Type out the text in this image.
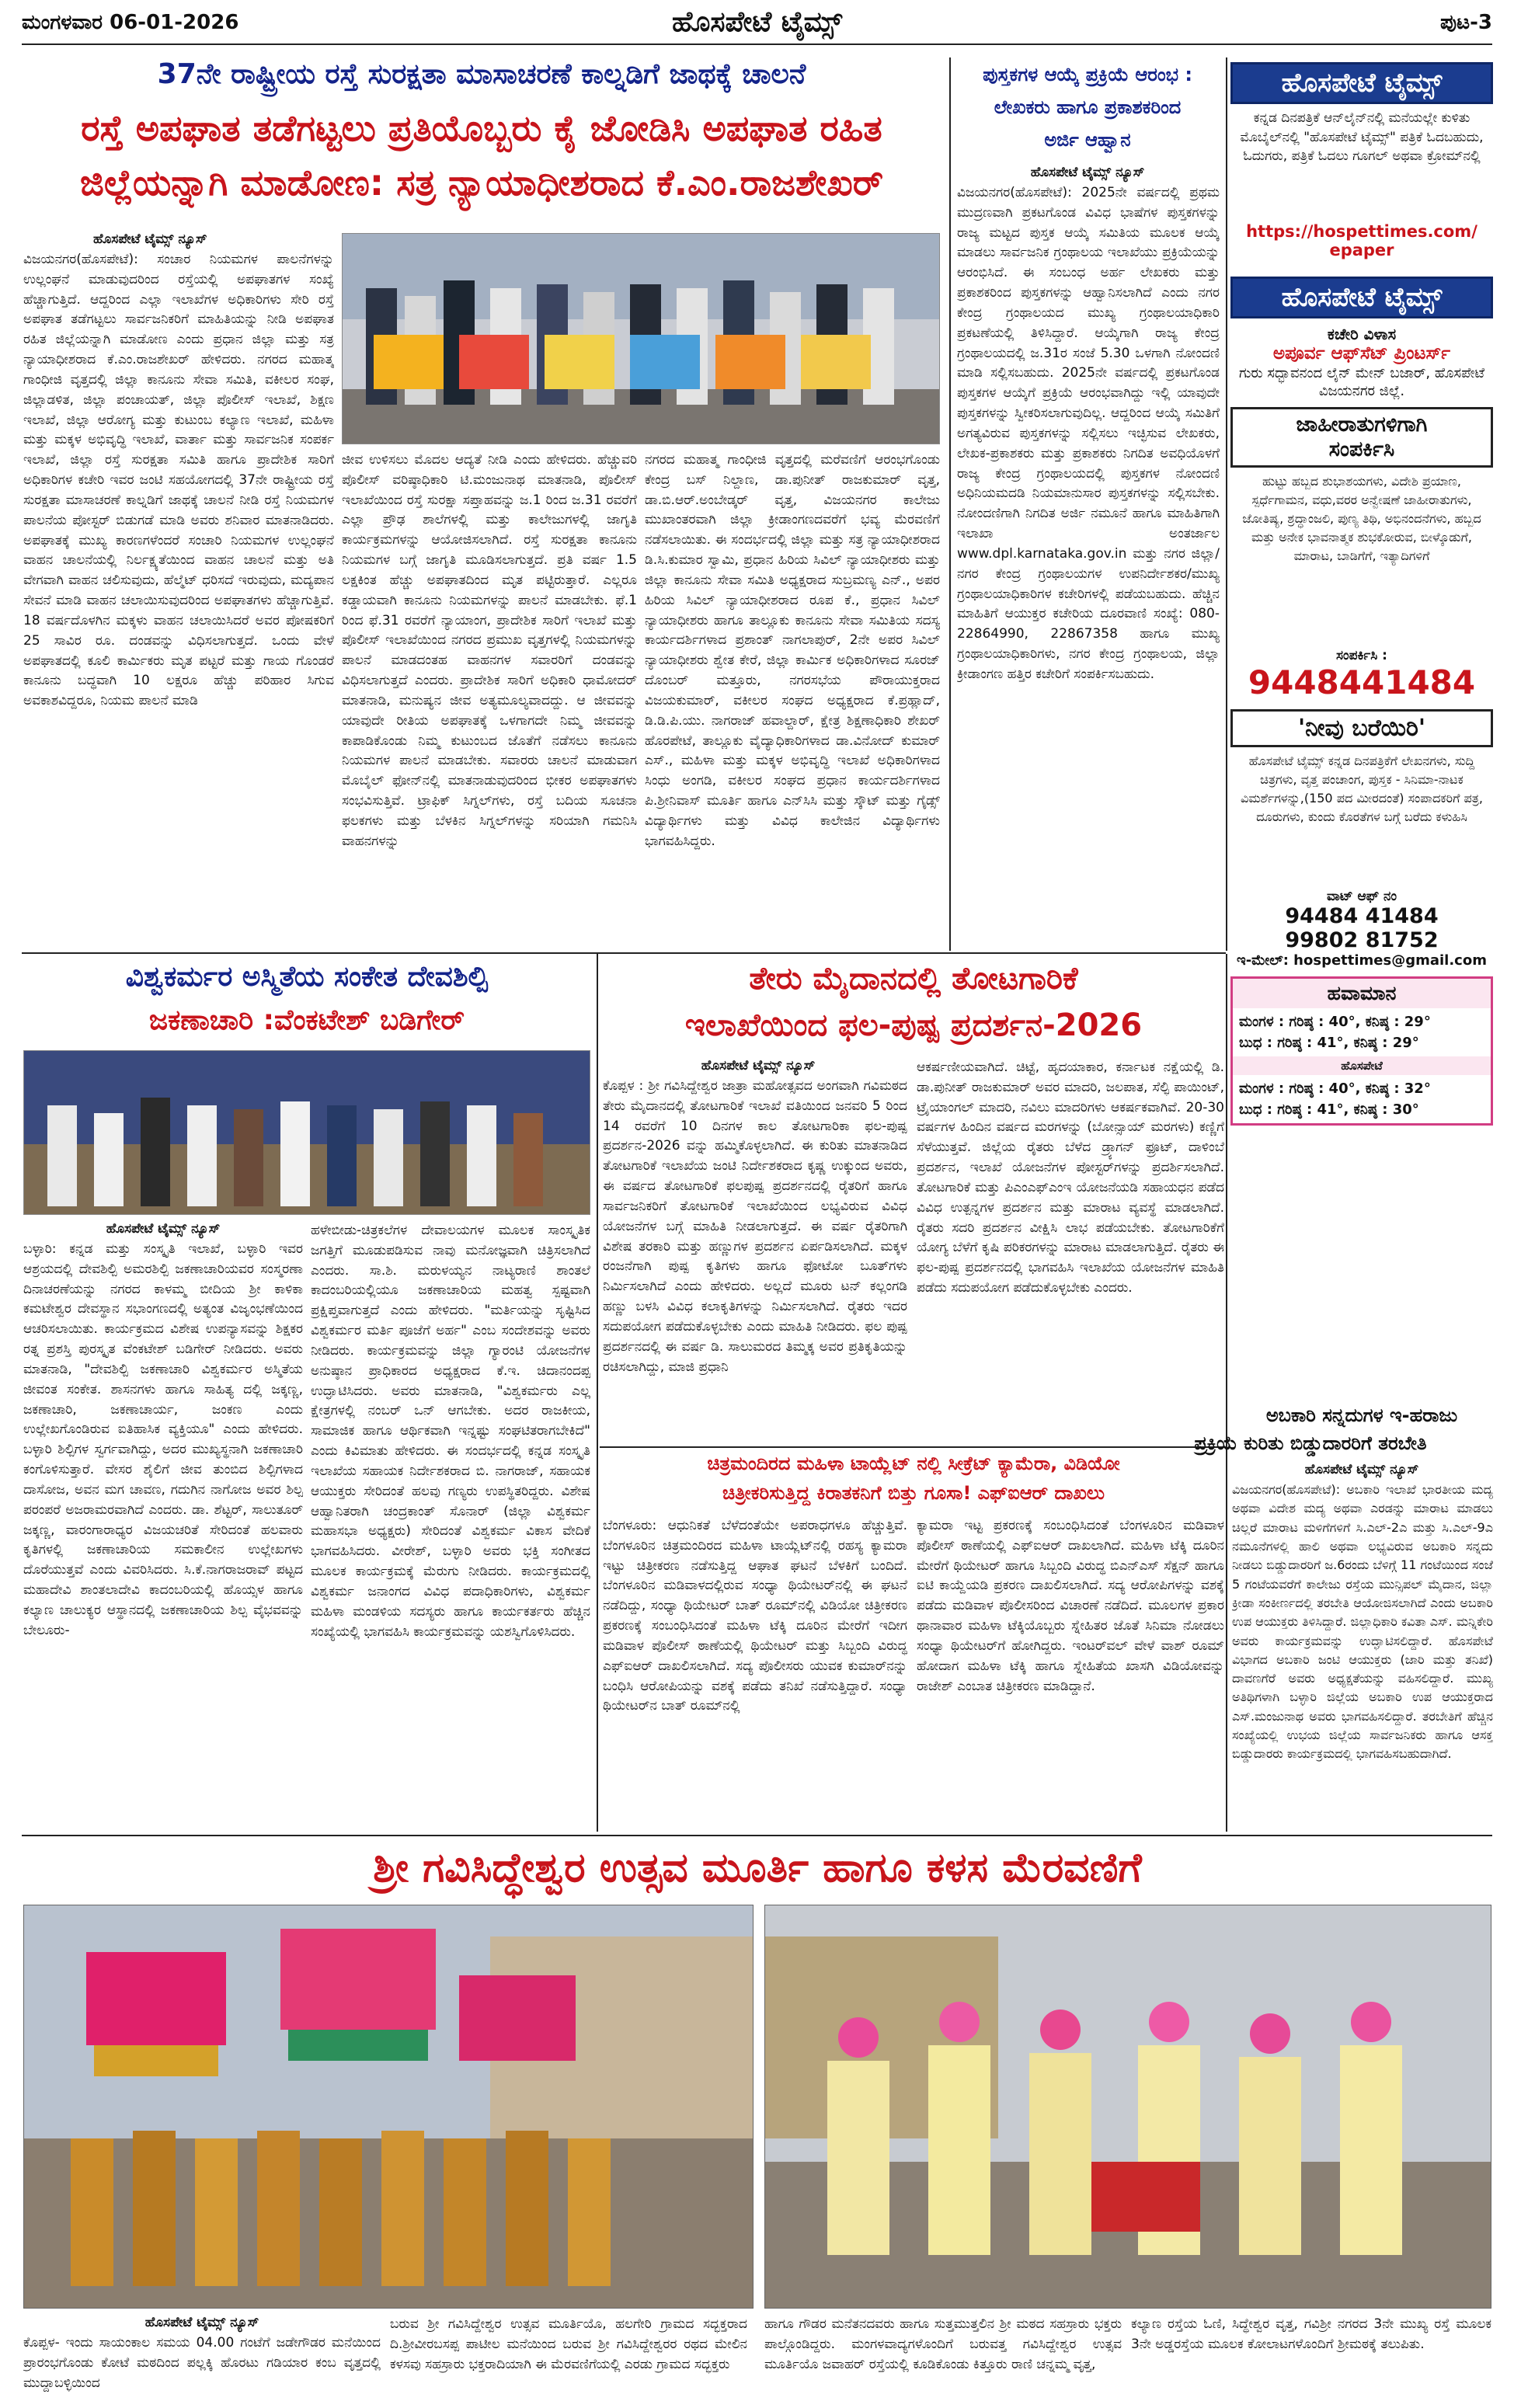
ಮಂಗಳವಾರ 06-01-2026	ಹೊಸಪೇಟೆ ಟೈಮ್ಸ್	ಪುಟ-3
37ನೇ ರಾಷ್ಟ್ರೀಯ ರಸ್ತೆ ಸುರಕ್ಷತಾ ಮಾಸಾಚರಣೆ ಕಾಲ್ನಡಿಗೆ ಜಾಥಕ್ಕೆ ಚಾಲನೆ
ರಸ್ತೆ ಅಪಘಾತ ತಡೆಗಟ್ಟಲು ಪ್ರತಿಯೊಬ್ಬರು ಕೈ ಜೋಡಿಸಿ ಅಪಘಾತ ರಹಿತ
ಜಿಲ್ಲೆಯನ್ನಾಗಿ ಮಾಡೋಣ: ಸತ್ರ ನ್ಯಾಯಾಧೀಶರಾದ ಕೆ.ಎಂ.ರಾಜಶೇಖರ್
ಹೊಸಪೇಟೆ ಟೈಮ್ಸ್ ನ್ಯೂಸ್
ವಿಜಯನಗರ(ಹೊಸಪೇಟೆ): ಸಂಚಾರ ನಿಯಮಗಳ ಪಾಲನೆಗಳನ್ನು ಉಲ್ಲಂಘನೆ ಮಾಡುವುದರಿಂದ ರಸ್ತೆಯಲ್ಲಿ ಅಪಘಾತಗಳ ಸಂಖ್ಯೆ ಹೆಚ್ಚಾಗುತ್ತಿದೆ. ಆದ್ದರಿಂದ ಎಲ್ಲಾ ಇಲಾಖೆಗಳ ಅಧಿಕಾರಿಗಳು ಸೇರಿ ರಸ್ತೆ ಅಪಘಾತ ತಡೆಗಟ್ಟಲು ಸಾರ್ವಜನಿಕರಿಗೆ ಮಾಹಿತಿಯನ್ನು ನೀಡಿ ಅಪಘಾತ ರಹಿತ ಜಿಲ್ಲೆಯನ್ನಾಗಿ ಮಾಡೋಣ ಎಂದು ಪ್ರಧಾನ ಜಿಲ್ಲಾ ಮತ್ತು ಸತ್ರ ನ್ಯಾಯಾಧೀಶರಾದ ಕೆ.ಎಂ.ರಾಜಶೇಖರ್ ಹೇಳಿದರು. ನಗರದ ಮಹಾತ್ಮ ಗಾಂಧೀಜಿ ವೃತ್ತದಲ್ಲಿ ಜಿಲ್ಲಾ ಕಾನೂನು ಸೇವಾ ಸಮಿತಿ, ವಕೀಲರ ಸಂಘ, ಜಿಲ್ಲಾಡಳಿತ, ಜಿಲ್ಲಾ ಪಂಚಾಯತ್, ಜಿಲ್ಲಾ ಪೊಲೀಸ್ ಇಲಾಖೆ, ಶಿಕ್ಷಣ ಇಲಾಖೆ, ಜಿಲ್ಲಾ ಆರೋಗ್ಯ ಮತ್ತು ಕುಟುಂಬ ಕಲ್ಯಾಣ ಇಲಾಖೆ, ಮಹಿಳಾ ಮತ್ತು ಮಕ್ಕಳ ಅಭಿವೃದ್ಧಿ ಇಲಾಖೆ, ವಾರ್ತಾ ಮತ್ತು ಸಾರ್ವಜನಿಕ ಸಂಪರ್ಕ ಇಲಾಖೆ, ಜಿಲ್ಲಾ ರಸ್ತೆ ಸುರಕ್ಷತಾ ಸಮಿತಿ ಹಾಗೂ ಪ್ರಾದೇಶಿಕ ಸಾರಿಗೆ ಅಧಿಕಾರಿಗಳ ಕಚೇರಿ ಇವರ ಜಂಟಿ ಸಹಯೋಗದಲ್ಲಿ 37ನೇ ರಾಷ್ಟ್ರೀಯ ರಸ್ತೆ ಸುರಕ್ಷತಾ ಮಾಸಾಚರಣೆ ಕಾಲ್ನಡಿಗೆ ಜಾಥಕ್ಕೆ ಚಾಲನೆ ನೀಡಿ ರಸ್ತೆ ನಿಯಮಗಳ ಪಾಲನೆಯ ಪೋಸ್ಟರ್ ಬಿಡುಗಡೆ ಮಾಡಿ ಅವರು ಶನಿವಾರ ಮಾತನಾಡಿದರು. ಅಪಘಾತಕ್ಕೆ ಮುಖ್ಯ ಕಾರಣಗಳೆಂದರೆ ಸಂಚಾರಿ ನಿಯಮಗಳ ಉಲ್ಲಂಘನೆ ವಾಹನ ಚಾಲನೆಯಲ್ಲಿ ನಿರ್ಲಕ್ಷ್ಯತೆಯಿಂದ ವಾಹನ ಚಾಲನೆ ಮತ್ತು ಅತಿ ವೇಗವಾಗಿ ವಾಹನ ಚಲಿಸುವುದು, ಹೆಲ್ಮೆಟ್ ಧರಿಸದೆ ಇರುವುದು, ಮದ್ಯಪಾನ ಸೇವನೆ ಮಾಡಿ ವಾಹನ ಚಲಾಯಿಸುವುದರಿಂದ ಅಪಘಾತಗಳು ಹೆಚ್ಚಾಗುತ್ತಿವೆ. 18 ವರ್ಷದೊಳಗಿನ ಮಕ್ಕಳು ವಾಹನ ಚಲಾಯಿಸಿದರೆ ಅವರ ಪೋಷಕರಿಗೆ 25 ಸಾವಿರ ರೂ. ದಂಡವನ್ನು ವಿಧಿಸಲಾಗುತ್ತದೆ. ಒಂದು ವೇಳೆ ಅಪಘಾತದಲ್ಲಿ ಕೂಲಿ ಕಾರ್ಮಿಕರು ಮೃತ ಪಟ್ಟರೆ ಮತ್ತು ಗಾಯ ಗೊಂಡರೆ ಕಾನೂನು ಬದ್ಧವಾಗಿ 10 ಲಕ್ಷರೂ ಹೆಚ್ಚು ಪರಿಹಾರ ಸಿಗುವ ಅವಕಾಶವಿದ್ದರೂ, ನಿಯಮ ಪಾಲನೆ ಮಾಡಿ
ಜೀವ ಉಳಿಸಲು ಮೊದಲ ಆದ್ಯತೆ ನೀಡಿ ಎಂದು ಹೇಳಿದರು. ಹೆಚ್ಚುವರಿ ಪೊಲೀಸ್ ವರಿಷ್ಠಾಧಿಕಾರಿ ಟಿ.ಮಂಜುನಾಥ ಮಾತನಾಡಿ, ಪೊಲೀಸ್ ಇಲಾಖೆಯಿಂದ ರಸ್ತೆ ಸುರಕ್ಷಾ ಸಪ್ತಾಹವನ್ನು ಜ.1 ರಿಂದ ಜ.31 ರವರೆಗೆ ಎಲ್ಲಾ ಪ್ರೌಢ ಶಾಲೆಗಳಲ್ಲಿ ಮತ್ತು ಕಾಲೇಜುಗಳಲ್ಲಿ ಜಾಗೃತಿ ಕಾರ್ಯಕ್ರಮಗಳನ್ನು ಆಯೋಜಿಸಲಾಗಿದೆ. ರಸ್ತೆ ಸುರಕ್ಷತಾ ಕಾನೂನು ನಿಯಮಗಳ ಬಗ್ಗೆ ಜಾಗೃತಿ ಮೂಡಿಸಲಾಗುತ್ತದೆ. ಪ್ರತಿ ವರ್ಷ 1.5 ಲಕ್ಷಕಿಂತ ಹೆಚ್ಚು ಅಪಘಾತದಿಂದ ಮೃತ ಪಟ್ಟಿರುತ್ತಾರೆ. ಎಲ್ಲರೂ ಕಡ್ಡಾಯವಾಗಿ ಕಾನೂನು ನಿಯಮಗಳನ್ನು ಪಾಲನೆ ಮಾಡಬೇಕು. ಫೆ.1 ರಿಂದ ಫೆ.31 ರವರೆಗೆ ನ್ಯಾಯಾಂಗ, ಪ್ರಾದೇಶಿಕ ಸಾರಿಗೆ ಇಲಾಖೆ ಮತ್ತು ಪೊಲೀಸ್ ಇಲಾಖೆಯಿಂದ ನಗರದ ಪ್ರಮುಖ ವೃತ್ತಗಳಲ್ಲಿ ನಿಯಮಗಳನ್ನು ಪಾಲನೆ ಮಾಡದಂತಹ ವಾಹನಗಳ ಸವಾರರಿಗೆ ದಂಡವನ್ನು ವಿಧಿಸಲಾಗುತ್ತದೆ ಎಂದರು. ಪ್ರಾದೇಶಿಕ ಸಾರಿಗೆ ಅಧಿಕಾರಿ ಧಾಮೋದರ್ ಮಾತನಾಡಿ, ಮನುಷ್ಯನ ಜೀವ ಅತ್ಯಮೂಲ್ಯವಾದದ್ದು. ಆ ಜೀವವನ್ನು ಯಾವುದೇ ರೀತಿಯ ಅಪಘಾತಕ್ಕೆ ಒಳಗಾಗದೇ ನಿಮ್ಮ ಜೀವವನ್ನು ಕಾಪಾಡಿಕೊಂಡು ನಿಮ್ಮ ಕುಟುಂಬದ ಜೊತೆಗೆ ನಡೆಸಲು ಕಾನೂನು ನಿಯಮಗಳ ಪಾಲನೆ ಮಾಡಬೇಕು. ಸವಾರರು ಚಾಲನೆ ಮಾಡುವಾಗ ಮೊಬೈಲ್ ಫೋನ್‌ನಲ್ಲಿ ಮಾತನಾಡುವುದರಿಂದ ಭೀಕರ ಅಪಘಾತಗಳು ಸಂಭವಿಸುತ್ತಿವೆ. ಟ್ರಾಫಿಕ್ ಸಿಗ್ನಲ್‌ಗಳು, ರಸ್ತೆ ಬದಿಯ ಸೂಚನಾ ಫಲಕಗಳು ಮತ್ತು ಬೆಳಕಿನ ಸಿಗ್ನಲ್‌ಗಳನ್ನು ಸರಿಯಾಗಿ ಗಮನಿಸಿ ವಾಹನಗಳನ್ನು
ನಗರದ ಮಹಾತ್ಮ ಗಾಂಧೀಜಿ ವೃತ್ತದಲ್ಲಿ ಮರೆವಣಿಗೆ ಆರಂಭಗೊಂಡು ಕೇಂದ್ರ ಬಸ್ ನಿಲ್ದಾಣ, ಡಾ.ಪುನೀತ್ ರಾಜಕುಮಾರ್ ವೃತ್ತ, ಡಾ.ಬಿ.ಆರ್.ಅಂಬೇಡ್ಕರ್ ವೃತ್ತ, ವಿಜಯನಗರ ಕಾಲೇಜು ಮುಖಾಂತರವಾಗಿ ಜಿಲ್ಲಾ ಕ್ರೀಡಾಂಗಣದವರೆಗೆ ಭವ್ಯ ಮೆರವಣಿಗೆ ನಡೆಸಲಾಯಿತು. ಈ ಸಂದರ್ಭದಲ್ಲಿ ಜಿಲ್ಲಾ ಮತ್ತು ಸತ್ರ ನ್ಯಾಯಾಧೀಶರಾದ ಡಿ.ಸಿ.ಕುಮಾರ ಸ್ವಾಮಿ, ಪ್ರಧಾನ ಹಿರಿಯ ಸಿವಿಲ್ ನ್ಯಾಯಾಧೀಶರು ಮತ್ತು ಜಿಲ್ಲಾ ಕಾನೂನು ಸೇವಾ ಸಮಿತಿ ಅಧ್ಯಕ್ಷರಾದ ಸುಬ್ರಮಣ್ಯ ಎನ್., ಅಪರ ಹಿರಿಯ ಸಿವಿಲ್ ನ್ಯಾಯಾಧೀಶರಾದ ರೂಪ ಕೆ., ಪ್ರಧಾನ ಸಿವಿಲ್ ನ್ಯಾಯಾಧೀಶರು ಹಾಗೂ ತಾಲ್ಲೂಕು ಕಾನೂನು ಸೇವಾ ಸಮಿತಿಯ ಸದಸ್ಯ ಕಾರ್ಯದರ್ಶಿಗಳಾದ ಪ್ರಶಾಂತ್ ನಾಗಲಾಪುರ್, 2ನೇ ಅಪರ ಸಿವಿಲ್ ನ್ಯಾಯಾಧೀಶರು ಶ್ವೇತ ಕೇರೆ, ಜಿಲ್ಲಾ ಕಾರ್ಮಿಕ ಅಧಿಕಾರಿಗಳಾದ ಸೂರಜ್ ದೊಂಬರ್ ಮತ್ತೂರು, ನಗರಸಭೆಯ ಪೌರಾಯುಕ್ತರಾದ ವಿಜಯಕುಮಾರ್, ವಕೀಲರ ಸಂಘದ ಅಧ್ಯಕ್ಷರಾದ ಕೆ.ಪ್ರಹ್ಲಾದ್, ಡಿ.ಡಿ.ಪಿ.ಯು. ನಾಗರಾಜ್ ಹವಾಲ್ದಾರ್, ಕ್ಷೇತ್ರ ಶಿಕ್ಷಣಾಧಿಕಾರಿ ಶೇಖರ್ ಹೊರಪೇಟೆ, ತಾಲ್ಲೂಕು ವೈದ್ಯಾಧಿಕಾರಿಗಳಾದ ಡಾ.ವಿನೋದ್ ಕುಮಾರ್ ಎಸ್., ಮಹಿಳಾ ಮತ್ತು ಮಕ್ಕಳ ಅಭಿವೃದ್ಧಿ ಇಲಾಖೆ ಅಧಿಕಾರಿಗಳಾದ ಸಿಂಧು ಅಂಗಡಿ, ವಕೀಲರ ಸಂಘದ ಪ್ರಧಾನ ಕಾರ್ಯದರ್ಶಿಗಳಾದ ಪಿ.ಶ್ರೀನಿವಾಸ್ ಮೂರ್ತಿ ಹಾಗೂ ಎನ್‌ಸಿಸಿ ಮತ್ತು ಸ್ಕೌಟ್ ಮತ್ತು ಗೈಡ್ಸ್ ವಿದ್ಯಾರ್ಥಿಗಳು ಮತ್ತು ವಿವಿಧ ಕಾಲೇಜಿನ ವಿದ್ಯಾರ್ಥಿಗಳು ಭಾಗವಹಿಸಿದ್ದರು.
ಪುಸ್ತಕಗಳ ಆಯ್ಕೆ ಪ್ರಕ್ರಿಯೆ ಆರಂಭ :
ಲೇಖಕರು ಹಾಗೂ ಪ್ರಕಾಶಕರಿಂದ
ಅರ್ಜಿ ಆಹ್ವಾನ
ಹೊಸಪೇಟೆ ಟೈಮ್ಸ್ ನ್ಯೂಸ್
ವಿಜಯನಗರ(ಹೊಸಪೇಟೆ): 2025ನೇ ವರ್ಷದಲ್ಲಿ ಪ್ರಥಮ ಮುದ್ರಣವಾಗಿ ಪ್ರಕಟಗೊಂಡ ವಿವಿಧ ಭಾಷೆಗಳ ಪುಸ್ತಕಗಳನ್ನು ರಾಜ್ಯ ಮಟ್ಟದ ಪುಸ್ತಕ ಆಯ್ಕೆ ಸಮಿತಿಯ ಮೂಲಕ ಆಯ್ಕೆ ಮಾಡಲು ಸಾರ್ವಜನಿಕ ಗ್ರಂಥಾಲಯ ಇಲಾಖೆಯು ಪ್ರಕ್ರಿಯೆಯನ್ನು ಆರಂಭಿಸಿದೆ. ಈ ಸಂಬಂಧ ಅರ್ಹ ಲೇಖಕರು ಮತ್ತು ಪ್ರಕಾಶಕರಿಂದ ಪುಸ್ತಕಗಳನ್ನು ಆಹ್ವಾನಿಸಲಾಗಿದೆ ಎಂದು ನಗರ ಕೇಂದ್ರ ಗ್ರಂಥಾಲಯದ ಮುಖ್ಯ ಗ್ರಂಥಾಲಯಾಧಿಕಾರಿ ಪ್ರಕಟಣೆಯಲ್ಲಿ ತಿಳಿಸಿದ್ದಾರೆ. ಆಯ್ಕೆಗಾಗಿ ರಾಜ್ಯ ಕೇಂದ್ರ ಗ್ರಂಥಾಲಯದಲ್ಲಿ ಜ.31ರ ಸಂಜೆ 5.30 ಒಳಗಾಗಿ ನೋಂದಣಿ ಮಾಡಿ ಸಲ್ಲಿಸಬಹುದು. 2025ನೇ ವರ್ಷದಲ್ಲಿ ಪ್ರಕಟಗೊಂಡ ಪುಸ್ತಕಗಳ ಆಯ್ಕೆಗೆ ಪ್ರಕ್ರಿಯೆ ಆರಂಭವಾಗಿದ್ದು ಇಲ್ಲಿ ಯಾವುದೇ ಪುಸ್ತಕಗಳನ್ನು ಸ್ವೀಕರಿಸಲಾಗುವುದಿಲ್ಲ. ಆದ್ದರಿಂದ ಆಯ್ಕೆ ಸಮಿತಿಗೆ ಅಗತ್ಯವಿರುವ ಪುಸ್ತಕಗಳನ್ನು ಸಲ್ಲಿಸಲು ಇಚ್ಛಿಸುವ ಲೇಖಕರು, ಲೇಖಕ-ಪ್ರಕಾಶಕರು ಮತ್ತು ಪ್ರಕಾಶಕರು ನಿಗದಿತ ಅವಧಿಯೊಳಗೆ ರಾಜ್ಯ ಕೇಂದ್ರ ಗ್ರಂಥಾಲಯದಲ್ಲಿ ಪುಸ್ತಕಗಳ ನೋಂದಣಿ ಅಧಿನಿಯಮದಡಿ ನಿಯಮಾನುಸಾರ ಪುಸ್ತಕಗಳನ್ನು ಸಲ್ಲಿಸಬೇಕು. ನೋಂದಣಿಗಾಗಿ ನಿಗದಿತ ಅರ್ಜಿ ನಮೂನೆ ಹಾಗೂ ಮಾಹಿತಿಗಾಗಿ ಇಲಾಖಾ ಅಂತರ್ಜಾಲ www.dpl.karnataka.gov.in ಮತ್ತು ನಗರ ಜಿಲ್ಲಾ/ನಗರ ಕೇಂದ್ರ ಗ್ರಂಥಾಲಯಗಳ ಉಪನಿರ್ದೇಶಕರ/ಮುಖ್ಯ ಗ್ರಂಥಾಲಯಾಧಿಕಾರಿಗಳ ಕಚೇರಿಗಳಲ್ಲಿ ಪಡೆಯಬಹುದು. ಹೆಚ್ಚಿನ ಮಾಹಿತಿಗೆ ಆಯುಕ್ತರ ಕಚೇರಿಯ ದೂರವಾಣಿ ಸಂಖ್ಯೆ: 080-22864990, 22867358 ಹಾಗೂ ಮುಖ್ಯ ಗ್ರಂಥಾಲಯಾಧಿಕಾರಿಗಳು, ನಗರ ಕೇಂದ್ರ ಗ್ರಂಥಾಲಯ, ಜಿಲ್ಲಾ ಕ್ರೀಡಾಂಗಣ ಹತ್ತಿರ ಕಚೇರಿಗೆ ಸಂಪರ್ಕಿಸಬಹುದು.
ಹೊಸಪೇಟೆ ಟೈಮ್ಸ್
ಕನ್ನಡ ದಿನಪತ್ರಿಕೆ ಆನ್‌ಲೈನ್‌ನಲ್ಲಿ ಮನೆಯಲ್ಲೇ ಕುಳಿತು ಮೊಬೈಲ್‌ನಲ್ಲಿ "ಹೊಸಪೇಟೆ ಟೈಮ್ಸ್" ಪತ್ರಿಕೆ ಓದಬಹುದು, ಓದುಗರು, ಪತ್ರಿಕೆ ಓದಲು ಗೂಗಲ್ ಅಥವಾ ಕ್ರೋಮ್‌ನಲ್ಲಿ
https://hospettimes.com/ epaper
ಹೊಸಪೇಟೆ ಟೈಮ್ಸ್
ಕಚೇರಿ ವಿಳಾಸ
ಅಪೂರ್ವ ಆಫ್‌ಸೆಟ್ ಪ್ರಿಂಟರ್ಸ್
ಗುರು ಸದ್ಭಾವನಂದ ಲೈನ್ ಮೇನ್ ಬಜಾರ್, ಹೊಸಪೇಟೆ
ವಿಜಯನಗರ ಜಿಲ್ಲೆ.
ಜಾಹೀರಾತುಗಳಿಗಾಗಿ
ಸಂಪರ್ಕಿಸಿ
ಹುಟ್ಟು ಹಬ್ಬದ ಶುಭಾಶಯಗಳು, ವಿದೇಶಿ ಪ್ರಯಾಣ, ಸ್ಪರ್ಧೆಗಾಮನ, ವಧು,ವರರ ಅನ್ವೇಷಣೆ ಜಾಹೀರಾತುಗಳು, ಜೋತಿಷ್ಯ, ಶ್ರದ್ಧಾಂಜಲಿ, ಪುಣ್ಯ ತಿಥಿ, ಅಭಿನಂದನೆಗಳು, ಹಬ್ಬದ ಮತ್ತು ಅನೇಕ ಭಾವನಾತ್ಮಕ ಶುಭಕೋರುವ, ಬೀಳ್ಕೊಡುಗೆ, ಮಾರಾಟ, ಬಾಡಿಗೆಗೆ, ಇತ್ಯಾದಿಗಳಿಗೆ
ಸಂಪರ್ಕಿಸಿ :
9448441484
'ನೀವು ಬರೆಯಿರಿ'
ಹೊಸಪೇಟೆ ಟೈಮ್ಸ್ ಕನ್ನಡ ದಿನಪತ್ರಿಕೆಗೆ ಲೇಖನಗಳು, ಸುದ್ದಿ ಚಿತ್ರಗಳು, ವೃತ್ತ ಪಂಚಾಂಗ, ಪುಸ್ತಕ - ಸಿನಿಮಾ-ನಾಟಕ ವಿಮರ್ಶೆಗಳನ್ನು,(150 ಪದ ಮೀರದಂತೆ) ಸಂಪಾದಕರಿಗೆ ಪತ್ರ, ದೂರುಗಳು, ಕುಂದು ಕೊರತೆಗಳ ಬಗ್ಗೆ ಬರೆದು ಕಳುಹಿಸಿ
ವಾಟ್ ಆಫ್ ನಂ
94484 41484
99802 81752
ಇ-ಮೇಲ್: hospettimes@gmail.com
ಹವಾಮಾನ
ಮಂಗಳ : ಗರಿಷ್ಠ : 40°, ಕನಿಷ್ಠ : 29°
ಬುಧ : ಗರಿಷ್ಠ : 41°, ಕನಿಷ್ಠ : 29°
ಹೊಸಪೇಟೆ
ಮಂಗಳ : ಗರಿಷ್ಠ : 40°, ಕನಿಷ್ಠ : 32°
ಬುಧ : ಗರಿಷ್ಠ : 41°, ಕನಿಷ್ಠ : 30°
ವಿಶ್ವಕರ್ಮರ ಅಸ್ಮಿತೆಯ ಸಂಕೇತ ದೇವಶಿಲ್ಪಿ
ಜಕಣಾಚಾರಿ :ವೆಂಕಟೇಶ್ ಬಡಿಗೇರ್
ಹೊಸಪೇಟೆ ಟೈಮ್ಸ್ ನ್ಯೂಸ್
ಬಳ್ಳಾರಿ: ಕನ್ನಡ ಮತ್ತು ಸಂಸ್ಕೃತಿ ಇಲಾಖೆ, ಬಳ್ಳಾರಿ ಇವರ ಆಶ್ರಯದಲ್ಲಿ ದೇವಶಿಲ್ಪಿ ಅಮರಶಿಲ್ಪಿ ಜಕಣಾಚಾರಿಯವರ ಸಂಸ್ಮರಣಾ ದಿನಾಚರಣೆಯನ್ನು ನಗರದ ಕಾಳಮ್ಮ ಬೀದಿಯ ಶ್ರೀ ಕಾಳಿಕಾ ಕಮಟೇಶ್ವರ ದೇವಸ್ಥಾನ ಸಭಾಂಗಣದಲ್ಲಿ ಅತ್ಯಂತ ವಿಜೃಂಭಣೆಯಿಂದ ಆಚರಿಸಲಾಯಿತು. ಕಾರ್ಯಕ್ರಮದ ವಿಶೇಷ ಉಪನ್ಯಾಸವನ್ನು ಶಿಕ್ಷಕರ ರತ್ನ ಪ್ರಶಸ್ತಿ ಪುರಸ್ಕೃತ ವೆಂಕಟೇಶ್ ಬಡಿಗೇರ್ ನೀಡಿದರು. ಅವರು ಮಾತನಾಡಿ, "ದೇವಶಿಲ್ಪಿ ಜಕಣಾಚಾರಿ ವಿಶ್ವಕರ್ಮರ ಅಸ್ಮಿತೆಯ ಜೀವಂತ ಸಂಕೇತ. ಶಾಸನಗಳು ಹಾಗೂ ಸಾಹಿತ್ಯ ದಲ್ಲಿ ಜಕ್ಕಣ್ಣ, ಜಕಣಾಚಾರಿ, ಜಕಣಾಚಾರ್ಯ, ಜಂಕಣ ಎಂದು ಉಲ್ಲೇಖಗೊಂಡಿರುವ ಐತಿಹಾಸಿಕ ವ್ಯಕ್ತಿಯೂ" ಎಂದು ಹೇಳಿದರು. ಬಳ್ಳಾರಿ ಶಿಲ್ಪಿಗಳ ಸ್ವರ್ಗವಾಗಿದ್ದು, ಅದರ ಮುಖ್ಯಸ್ಥನಾಗಿ ಜಕಣಾಚಾರಿ ಕಂಗೊಳಿಸುತ್ತಾರೆ. ವೇಸರ ಶೈಲಿಗೆ ಜೀವ ತುಂಬಿದ ಶಿಲ್ಪಿಗಳಾದ ದಾಸೋಜ, ಅವನ ಮಗ ಚಾವಣ, ಗದುಗಿನ ನಾಗೋಜ ಅವರ ಶಿಲ್ಪ ಪರಂಪರೆ ಅಜರಾಮರವಾಗಿದೆ ಎಂದರು. ಡಾ. ಶೆಟ್ಟರ್, ಸಾಲುತೂರ್ ಜಕ್ಕಣ್ಣ, ವಾರಂಗಾರಾಧ್ಯರ ವಿಜಯಚರಿತೆ ಸೇರಿದಂತೆ ಹಲವಾರು ಕೃತಿಗಳಲ್ಲಿ ಜಕಣಾಚಾರಿಯ ಸಮಕಾಲೀನ ಉಲ್ಲೇಖಗಳು ದೊರೆಯುತ್ತವೆ ಎಂದು ವಿವರಿಸಿದರು. ಸಿ.ಕೆ.ನಾಗರಾಜರಾವ್ ಪಟ್ಟದ ಮಹಾದೇವಿ ಶಾಂತಲಾದೇವಿ ಕಾದಂಬರಿಯಲ್ಲಿ ಹೊಯ್ಸಳ ಹಾಗೂ ಕಲ್ಯಾಣ ಚಾಲುಕ್ಯರ ಆಸ್ಥಾನದಲ್ಲಿ ಜಕಣಾಚಾರಿಯ ಶಿಲ್ಪ ವೈಭವವನ್ನು ಬೇಲೂರು-
ಹಳೇಬೀಡು-ಚಿತ್ರಕಲೆಗಳ ದೇವಾಲಯಗಳ ಮೂಲಕ ಸಾಂಸ್ಕೃತಿಕ ಜಗತ್ತಿಗೆ ಮೂಡುಪಡಿಸುವ ನಾವು ಮನೋಜ್ಞವಾಗಿ ಚಿತ್ರಿಸಲಾಗಿದೆ ಎಂದರು. ಸಾ.ಶಿ. ಮರುಳಯ್ಯನ ನಾಟ್ಯರಾಣಿ ಶಾಂತಲೆ ಕಾದಂಬರಿಯಲ್ಲಿಯೂ ಜಕಣಾಚಾರಿಯ ಮಹತ್ವ ಸ್ಪಷ್ಟವಾಗಿ ಪ್ರಕ್ಷಿಪ್ತವಾಗುತ್ತದೆ ಎಂದು ಹೇಳಿದರು. "ಮರ್ತಿಯನ್ನು ಸೃಷ್ಟಿಸಿದ ವಿಶ್ವಕರ್ಮರ ಮರ್ತಿ ಪೂಜೆಗೆ ಅರ್ಹ" ಎಂಬ ಸಂದೇಶವನ್ನು ಅವರು ನೀಡಿದರು. ಕಾರ್ಯಕ್ರಮವನ್ನು ಜಿಲ್ಲಾ ಗ್ಯಾರಂಟಿ ಯೋಜನೆಗಳ ಅನುಷ್ಠಾನ ಪ್ರಾಧಿಕಾರದ ಅಧ್ಯಕ್ಷರಾದ ಕೆ.ಇ. ಚಿದಾನಂದಪ್ಪ ಉದ್ಘಾಟಿಸಿದರು. ಅವರು ಮಾತನಾಡಿ, "ವಿಶ್ವಕರ್ಮರು ಎಲ್ಲ ಕ್ಷೇತ್ರಗಳಲ್ಲಿ ನಂಬರ್ ಒನ್ ಆಗಬೇಕು. ಅದರ ರಾಜಕೀಯ, ಸಾಮಾಜಿಕ ಹಾಗೂ ಆರ್ಥಿಕವಾಗಿ ಇನ್ನಷ್ಟು ಸಂಘಟಿತರಾಗಬೇಕಿದೆ" ಎಂದು ಕಿವಿಮಾತು ಹೇಳಿದರು. ಈ ಸಂದರ್ಭದಲ್ಲಿ ಕನ್ನಡ ಸಂಸ್ಕೃತಿ ಇಲಾಖೆಯ ಸಹಾಯಕ ನಿರ್ದೇಶಕರಾದ ಬಿ. ನಾಗರಾಜ್, ಸಹಾಯಕ ಆಯುಕ್ತರು ಸೇರಿದಂತೆ ಹಲವು ಗಣ್ಯರು ಉಪಸ್ಥಿತರಿದ್ದರು. ವಿಶೇಷ ಆಹ್ವಾನಿತರಾಗಿ ಚಂದ್ರಕಾಂತ್ ಸೊನಾರ್ (ಜಿಲ್ಲಾ ವಿಶ್ವಕರ್ಮ ಮಹಾಸಭಾ ಅಧ್ಯಕ್ಷರು) ಸೇರಿದಂತೆ ವಿಶ್ವಕರ್ಮ ವಿಕಾಸ ವೇದಿಕೆ ಭಾಗವಹಿಸಿದರು. ವೀರೇಶ್, ಬಳ್ಳಾರಿ ಅವರು ಭಕ್ತಿ ಸಂಗೀತದ ಮೂಲಕ ಕಾರ್ಯಕ್ರಮಕ್ಕೆ ಮೆರುಗು ನೀಡಿದರು. ಕಾರ್ಯಕ್ರಮದಲ್ಲಿ ವಿಶ್ವಕರ್ಮ ಜನಾಂಗದ ವಿವಿಧ ಪದಾಧಿಕಾರಿಗಳು, ವಿಶ್ವಕರ್ಮ ಮಹಿಳಾ ಮಂಡಳಿಯ ಸದಸ್ಯರು ಹಾಗೂ ಕಾರ್ಯಕರ್ತರು ಹೆಚ್ಚಿನ ಸಂಖ್ಯೆಯಲ್ಲಿ ಭಾಗವಹಿಸಿ ಕಾರ್ಯಕ್ರಮವನ್ನು ಯಶಸ್ವಿಗೊಳಿಸಿದರು.
ತೇರು ಮೈದಾನದಲ್ಲಿ ತೋಟಗಾರಿಕೆ
ಇಲಾಖೆಯಿಂದ ಫಲ-ಪುಷ್ಪ ಪ್ರದರ್ಶನ-2026
ಹೊಸಪೇಟೆ ಟೈಮ್ಸ್ ನ್ಯೂಸ್
ಕೊಪ್ಪಳ : ಶ್ರೀ ಗವಿಸಿದ್ದೇಶ್ವರ ಜಾತ್ರಾ ಮಹೋತ್ಸವದ ಅಂಗವಾಗಿ ಗವಿಮಠದ ತೇರು ಮೈದಾನದಲ್ಲಿ ತೋಟಗಾರಿಕೆ ಇಲಾಖೆ ವತಿಯಿಂದ ಜನವರಿ 5 ರಿಂದ 14 ರವರೆಗೆ 10 ದಿನಗಳ ಕಾಲ ತೋಟಗಾರಿಕಾ ಫಲ-ಪುಷ್ಪ ಪ್ರದರ್ಶನ-2026 ವನ್ನು ಹಮ್ಮಿಕೊಳ್ಳಲಾಗಿದೆ. ಈ ಕುರಿತು ಮಾತನಾಡಿದ ತೋಟಗಾರಿಕೆ ಇಲಾಖೆಯ ಜಂಟಿ ನಿರ್ದೇಶಕರಾದ ಕೃಷ್ಣ ಉಕ್ಕುಂದ ಅವರು, ಈ ವರ್ಷದ ತೋಟಗಾರಿಕೆ ಫಲಪುಷ್ಪ ಪ್ರದರ್ಶನದಲ್ಲಿ ರೈತರಿಗೆ ಹಾಗೂ ಸಾರ್ವಜನಿಕರಿಗೆ ತೋಟಗಾರಿಕೆ ಇಲಾಖೆಯಿಂದ ಲಭ್ಯವಿರುವ ವಿವಿಧ ಯೋಜನೆಗಳ ಬಗ್ಗೆ ಮಾಹಿತಿ ನೀಡಲಾಗುತ್ತದೆ. ಈ ವರ್ಷ ರೈತರಿಗಾಗಿ ವಿಶೇಷ ತರಕಾರಿ ಮತ್ತು ಹಣ್ಣುಗಳ ಪ್ರದರ್ಶನ ಏರ್ಪಡಿಸಲಾಗಿದೆ. ಮಕ್ಕಳ ರಂಜನೆಗಾಗಿ ಪುಷ್ಪ ಕೃತಿಗಳು ಹಾಗೂ ಫೋಟೋ ಬೂತ್‌ಗಳು ನಿರ್ಮಿಸಲಾಗಿದೆ ಎಂದು ಹೇಳಿದರು. ಅಲ್ಲದೆ ಮೂರು ಟನ್ ಕಲ್ಲಂಗಡಿ ಹಣ್ಣು ಬಳಸಿ ವಿವಿಧ ಕಲಾಕೃತಿಗಳನ್ನು ನಿರ್ಮಿಸಲಾಗಿದೆ. ರೈತರು ಇದರ ಸದುಪಯೋಗ ಪಡೆದುಕೊಳ್ಳಬೇಕು ಎಂದು ಮಾಹಿತಿ ನೀಡಿದರು. ಫಲ ಪುಷ್ಪ ಪ್ರದರ್ಶನದಲ್ಲಿ ಈ ವರ್ಷ ಡಿ. ಸಾಲುಮರದ ತಿಮ್ಮಕ್ಕ ಅವರ ಪ್ರತಿಕೃತಿಯನ್ನು ರಚಿಸಲಾಗಿದ್ದು, ಮಾಜಿ ಪ್ರಧಾನಿ
ಆಕರ್ಷಣೀಯವಾಗಿದೆ. ಚಿಟ್ಟೆ, ಹೃದಯಾಕಾರ, ಕರ್ನಾಟಕ ನಕ್ಷೆಯಲ್ಲಿ ಡಿ. ಡಾ.ಪುನೀತ್ ರಾಜಕುಮಾರ್ ಅವರ ಮಾದರಿ, ಜಲಪಾತ, ಸೆಲ್ಫಿ ಪಾಯಿಂಟ್, ಟ್ರೈಯಾಂಗಲ್ ಮಾದರಿ, ನವಿಲು ಮಾದರಿಗಳು ಆಕರ್ಷಕವಾಗಿವೆ. 20-30 ವರ್ಷಗಳ ಹಿಂದಿನ ವರ್ಷದ ಮರಗಳನ್ನು (ಬೋನ್ಸಾಯ್ ಮರಗಳು) ಕಣ್ಣಿಗೆ ಸೆಳೆಯುತ್ತವೆ. ಜಿಲ್ಲೆಯ ರೈತರು ಬೆಳೆದ ಡ್ರ್ಯಾಗನ್ ಫ್ರೂಟ್, ದಾಳಿಂಬೆ ಪ್ರದರ್ಶನ, ಇಲಾಖೆ ಯೋಜನೆಗಳ ಪೋಸ್ಟರ್‌ಗಳನ್ನು ಪ್ರದರ್ಶಿಸಲಾಗಿದೆ. ತೋಟಗಾರಿಕೆ ಮತ್ತು ಪಿಎಂಎಫ್‌ಎಂಇ ಯೋಜನೆಯಡಿ ಸಹಾಯಧನ ಪಡೆದ ವಿವಿಧ ಉತ್ಪನ್ನಗಳ ಪ್ರದರ್ಶನ ಮತ್ತು ಮಾರಾಟ ವ್ಯವಸ್ಥೆ ಮಾಡಲಾಗಿದೆ. ರೈತರು ಸದರಿ ಪ್ರದರ್ಶನ ವೀಕ್ಷಿಸಿ ಲಾಭ ಪಡೆಯಬೇಕು. ತೋಟಗಾರಿಕೆಗೆ ಯೋಗ್ಯ ಬೆಳೆಗೆ ಕೃಷಿ ಪರಿಕರಗಳನ್ನು ಮಾರಾಟ ಮಾಡಲಾಗುತ್ತಿದೆ. ರೈತರು ಈ ಫಲ-ಪುಷ್ಪ ಪ್ರದರ್ಶನದಲ್ಲಿ ಭಾಗವಹಿಸಿ ಇಲಾಖೆಯ ಯೋಜನೆಗಳ ಮಾಹಿತಿ ಪಡೆದು ಸದುಪಯೋಗ ಪಡೆದುಕೊಳ್ಳಬೇಕು ಎಂದರು.
ಚಿತ್ರಮಂದಿರದ ಮಹಿಳಾ ಟಾಯ್ಲೆಟ್ ನಲ್ಲಿ ಸೀಕ್ರೆಟ್ ಕ್ಯಾಮೆರಾ, ವಿಡಿಯೋ
ಚಿತ್ರೀಕರಿಸುತ್ತಿದ್ದ ಕಿರಾತಕನಿಗೆ ಬಿತ್ತು ಗೂಸಾ! ಎಫ್‌ಐಆರ್ ದಾಖಲು
ಬೆಂಗಳೂರು: ಆಧುನಿಕತೆ ಬೆಳೆದಂತೆಯೇ ಅಪರಾಧಗಳೂ ಹೆಚ್ಚುತ್ತಿವೆ. ಬೆಂಗಳೂರಿನ ಚಿತ್ರಮಂದಿರದ ಮಹಿಳಾ ಟಾಯ್ಲೆಟ್‌ನಲ್ಲಿ ರಹಸ್ಯ ಕ್ಯಾಮರಾ ಇಟ್ಟು ಚಿತ್ರೀಕರಣ ನಡೆಸುತ್ತಿದ್ದ ಆಘಾತ ಘಟನೆ ಬೆಳಕಿಗೆ ಬಂದಿದೆ. ಬೆಂಗಳೂರಿನ ಮಡಿವಾಳದಲ್ಲಿರುವ ಸಂಧ್ಯಾ ಥಿಯೇಟರ್‌ನಲ್ಲಿ ಈ ಘಟನೆ ನಡೆದಿದ್ದು, ಸಂಧ್ಯಾ ಥಿಯೇಟರ್ ಬಾತ್ ರೂಮ್‌ನಲ್ಲಿ ವಿಡಿಯೋ ಚಿತ್ರೀಕರಣ ಪ್ರಕರಣಕ್ಕೆ ಸಂಬಂಧಿಸಿದಂತೆ ಮಹಿಳಾ ಟೆಕ್ಕಿ ದೂರಿನ ಮೇರೆಗೆ ಇದೀಗ ಮಡಿವಾಳ ಪೊಲೀಸ್ ಠಾಣೆಯಲ್ಲಿ ಥಿಯೇಟರ್ ಮತ್ತು ಸಿಬ್ಬಂದಿ ವಿರುದ್ಧ ಎಫ್‌ಐಆರ್ ದಾಖಲಿಸಲಾಗಿದೆ. ಸದ್ಯ ಪೊಲೀಸರು ಯುವಕ ಕುಮಾರ್‌ನನ್ನು ಬಂಧಿಸಿ ಆರೋಪಿಯನ್ನು ವಶಕ್ಕೆ ಪಡೆದು ತನಿಖೆ ನಡೆಸುತ್ತಿದ್ದಾರೆ. ಸಂಧ್ಯಾ ಥಿಯೇಟರ್‌ನ ಬಾತ್ ರೂಮ್‌ನಲ್ಲಿ
ಕ್ಯಾಮರಾ ಇಟ್ಟ ಪ್ರಕರಣಕ್ಕೆ ಸಂಬಂಧಿಸಿದಂತೆ ಬೆಂಗಳೂರಿನ ಮಡಿವಾಳ ಪೊಲೀಸ್ ಠಾಣೆಯಲ್ಲಿ ಎಫ್‌ಐಆರ್ ದಾಖಲಾಗಿದೆ. ಮಹಿಳಾ ಟೆಕ್ಕಿ ದೂರಿನ ಮೇರೆಗೆ ಥಿಯೇಟರ್ ಹಾಗೂ ಸಿಬ್ಬಂದಿ ವಿರುದ್ಧ ಬಿಎನ್‌ಎಸ್ ಸೆಕ್ಷನ್ ಹಾಗೂ ಐಟಿ ಕಾಯ್ದೆಯಡಿ ಪ್ರಕರಣ ದಾಖಲಿಸಲಾಗಿದೆ. ಸದ್ಯ ಆರೋಪಿಗಳನ್ನು ವಶಕ್ಕೆ ಪಡೆದು ಮಡಿವಾಳ ಪೊಲೀಸರಿಂದ ವಿಚಾರಣೆ ನಡೆದಿದೆ. ಮೂಲಗಳ ಪ್ರಕಾರ ಥಾನಾವಾರ ಮಹಿಳಾ ಟೆಕ್ಕಿಯೊಬ್ಬರು ಸ್ನೇಹಿತರ ಜೊತೆ ಸಿನಿಮಾ ನೋಡಲು ಸಂಧ್ಯಾ ಥಿಯೇಟರ್‌ಗೆ ಹೋಗಿದ್ದರು. ಇಂಟರ್‌ವಲ್ ವೇಳೆ ವಾಶ್ ರೂಮ್ ಹೋದಾಗ ಮಹಿಳಾ ಟೆಕ್ಕಿ ಹಾಗೂ ಸ್ನೇಹಿತೆಯ ಖಾಸಗಿ ವಿಡಿಯೋವನ್ನು ರಾಜೇಶ್ ಎಂಬಾತ ಚಿತ್ರೀಕರಣ ಮಾಡಿದ್ದಾನೆ.
ಅಬಕಾರಿ ಸನ್ನದುಗಳ ಇ-ಹರಾಜು
ಪ್ರಕ್ರಿಯೆ ಕುರಿತು ಬಿಡ್ಡುದಾರರಿಗೆ ತರಬೇತಿ
ಹೊಸಪೇಟೆ ಟೈಮ್ಸ್ ನ್ಯೂಸ್
ವಿಜಯನಗರ(ಹೊಸಪೇಟೆ): ಅಬಕಾರಿ ಇಲಾಖೆ ಭಾರತೀಯ ಮದ್ಯ ಅಥವಾ ವಿದೇಶ ಮದ್ಯ ಅಥವಾ ಎರಡನ್ನು ಮಾರಾಟ ಮಾಡಲು ಚಿಲ್ಲರೆ ಮಾರಾಟ ಮಳಿಗೆಗಳಿಗೆ ಸಿ.ಎಲ್-2ಎ ಮತ್ತು ಸಿ.ಎಲ್-9ಎ ನಮೂನೆಗಳಲ್ಲಿ ಹಾಲಿ ಅಥವಾ ಲಭ್ಯವಿರುವ ಅಬಕಾರಿ ಸನ್ನದು ನೀಡಲು ಬಿಡ್ಡುದಾರರಿಗೆ ಜ.6ರಂದು ಬೆಳಿಗ್ಗೆ 11 ಗಂಟೆಯಿಂದ ಸಂಜೆ 5 ಗಂಟೆಯವರೆಗೆ ಕಾಲೇಜು ರಸ್ತೆಯ ಮುನ್ಸಿಪಲ್ ಮೈದಾನ, ಜಿಲ್ಲಾ ಕ್ರೀಡಾ ಸಂಕೀರ್ಣದಲ್ಲಿ ತರಬೇತಿ ಆಯೋಜಿಸಲಾಗಿದೆ ಎಂದು ಅಬಕಾರಿ ಉಪ ಆಯುಕ್ತರು ತಿಳಿಸಿದ್ದಾರೆ. ಜಿಲ್ಲಾಧಿಕಾರಿ ಕವಿತಾ ಎಸ್. ಮನ್ನಿಕೇರಿ ಅವರು ಕಾರ್ಯಕ್ರಮವನ್ನು ಉದ್ಘಾಟಿಸಲಿದ್ದಾರೆ. ಹೊಸಪೇಟೆ ವಿಭಾಗದ ಅಬಕಾರಿ ಜಂಟಿ ಆಯುಕ್ತರು (ಜಾರಿ ಮತ್ತು ತನಿಖೆ) ದಾವಣಗೆರೆ ಅವರು ಅಧ್ಯಕ್ಷತೆಯನ್ನು ವಹಿಸಲಿದ್ದಾರೆ. ಮುಖ್ಯ ಅತಿಥಿಗಳಾಗಿ ಬಳ್ಳಾರಿ ಜಿಲ್ಲೆಯ ಅಬಕಾರಿ ಉಪ ಆಯುಕ್ತರಾದ ಎಸ್.ಮಂಜುನಾಥ ಅವರು ಭಾಗವಹಿಸಲಿದ್ದಾರೆ. ತರಬೇತಿಗೆ ಹೆಚ್ಚಿನ ಸಂಖ್ಯೆಯಲ್ಲಿ ಉಭಯ ಜಿಲ್ಲೆಯ ಸಾರ್ವಜನಿಕರು ಹಾಗೂ ಆಸಕ್ತ ಬಿಡ್ಡುದಾರರು ಕಾರ್ಯಕ್ರಮದಲ್ಲಿ ಭಾಗವಹಿಸಬಹುದಾಗಿದೆ.
ಶ್ರೀ ಗವಿಸಿದ್ಧೇಶ್ವರ ಉತ್ಸವ ಮೂರ್ತಿ ಹಾಗೂ ಕಳಸ ಮೆರವಣಿಗೆ
ಹೊಸಪೇಟೆ ಟೈಮ್ಸ್ ನ್ಯೂಸ್
ಕೊಪ್ಪಳ- ಇಂದು ಸಾಯಂಕಾಲ ಸಮಯ 04.00 ಗಂಟೆಗೆ ಜಡೇಗೌಡರ ಮನೆಯಿಂದ ಪ್ರಾರಂಭಗೊಂಡು ಕೋಟೆ ಮಠದಿಂದ ಪಲ್ಲಕ್ಕಿ ಹೊರಟು ಗಡಿಯಾರ ಕಂಬ ವೃತ್ತದಲ್ಲಿ ಮುದ್ದಾಬಳ್ಳಿಯಿಂದ
ಬರುವ ಶ್ರೀ ಗವಿಸಿದ್ದೇಶ್ವರ ಉತ್ಸವ ಮೂರ್ತಿಯೊ, ಹಲಗೇರಿ ಗ್ರಾಮದ ಸದ್ಭಕ್ತರಾದ ದಿ.ಶ್ರೀವೀರಬಸಪ್ಪ ಪಾಟೀಲ ಮನೆಯಿಂದ ಬರುವ ಶ್ರೀ ಗವಿಸಿದ್ದೇಶ್ವರರ ರಥದ ಮೇಲಿನ ಕಳಸವು ಸಹಸ್ರಾರು ಭಕ್ತರಾದಿಯಾಗಿ ಈ ಮೆರವಣಿಗೆಯಲ್ಲಿ ಎರಡು ಗ್ರಾಮದ ಸದ್ಭಕ್ತರು
ಹಾಗೂ ಗೌಡರ ಮನೆತನದವರು ಹಾಗೂ ಸುತ್ತಮುತ್ತಲಿನ ಶ್ರೀ ಮಠದ ಸಹಸ್ರಾರು ಭಕ್ತರು ಪಾಲ್ಗೊಂಡಿದ್ದರು. ಮಂಗಳವಾದ್ಯಗಳೊಂದಿಗೆ ಬರುವತ್ತ ಗವಿಸಿದ್ದೇಶ್ವರ ಉತ್ಸವ ಮೂರ್ತಿಯೊ ಜವಾಹರ್ ರಸ್ತೆಯಲ್ಲಿ ಕೂಡಿಕೊಂಡು ಕಿತ್ತೂರು ರಾಣಿ ಚನ್ನಮ್ಮ ವೃತ್ತ,
ಕಲ್ಯಾಣ ರಸ್ತೆಯ ಓಣಿ, ಸಿದ್ಧೇಶ್ವರ ವೃತ್ತ, ಗವಿಶ್ರೀ ನಗರದ 3ನೇ ಮುಖ್ಯ ರಸ್ತೆ ಮೂಲಕ 3ನೇ ಅಡ್ಡರಸ್ತೆಯ ಮೂಲಕ ಕೋಲಾಟಗಳೊಂದಿಗೆ ಶ್ರೀಮಠಕ್ಕೆ ತಲುಪಿತು.
